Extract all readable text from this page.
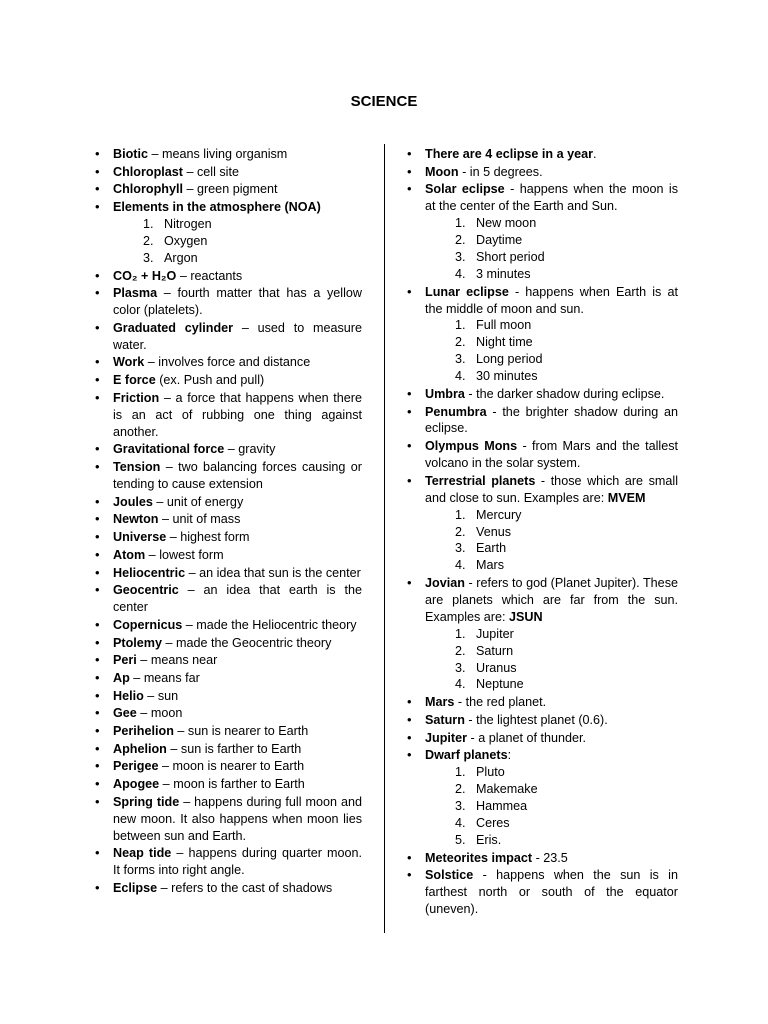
SCIENCE
• Biotic – means living organism
• Chloroplast – cell site
• Chlorophyll – green pigment
• Elements in the atmosphere (NOA)
1. Nitrogen
2. Oxygen
3. Argon
• CO₂ + H₂O – reactants
• Plasma – fourth matter that has a yellow color (platelets).
• Graduated cylinder – used to measure water.
• Work – involves force and distance
• E force (ex. Push and pull)
• Friction – a force that happens when there is an act of rubbing one thing against another.
• Gravitational force – gravity
• Tension – two balancing forces causing or tending to cause extension
• Joules – unit of energy
• Newton – unit of mass
• Universe – highest form
• Atom – lowest form
• Heliocentric – an idea that sun is the center
• Geocentric – an idea that earth is the center
• Copernicus – made the Heliocentric theory
• Ptolemy – made the Geocentric theory
• Peri – means near
• Ap – means far
• Helio – sun
• Gee – moon
• Perihelion – sun is nearer to Earth
• Aphelion – sun is farther to Earth
• Perigee – moon is nearer to Earth
• Apogee – moon is farther to Earth
• Spring tide – happens during full moon and new moon. It also happens when moon lies between sun and Earth.
• Neap tide – happens during quarter moon. It forms into right angle.
• Eclipse – refers to the cast of shadows
• There are 4 eclipse in a year.
• Moon - in 5 degrees.
• Solar eclipse - happens when the moon is at the center of the Earth and Sun.
1. New moon
2. Daytime
3. Short period
4. 3 minutes
• Lunar eclipse - happens when Earth is at the middle of moon and sun.
1. Full moon
2. Night time
3. Long period
4. 30 minutes
• Umbra - the darker shadow during eclipse.
• Penumbra - the brighter shadow during an eclipse.
• Olympus Mons - from Mars and the tallest volcano in the solar system.
• Terrestrial planets - those which are small and close to sun. Examples are: MVEM
1. Mercury
2. Venus
3. Earth
4. Mars
• Jovian - refers to god (Planet Jupiter). These are planets which are far from the sun. Examples are: JSUN
1. Jupiter
2. Saturn
3. Uranus
4. Neptune
• Mars - the red planet.
• Saturn - the lightest planet (0.6).
• Jupiter - a planet of thunder.
• Dwarf planets:
1. Pluto
2. Makemake
3. Hammea
4. Ceres
5. Eris.
• Meteorites impact - 23.5
• Solstice - happens when the sun is in farthest north or south of the equator (uneven).
